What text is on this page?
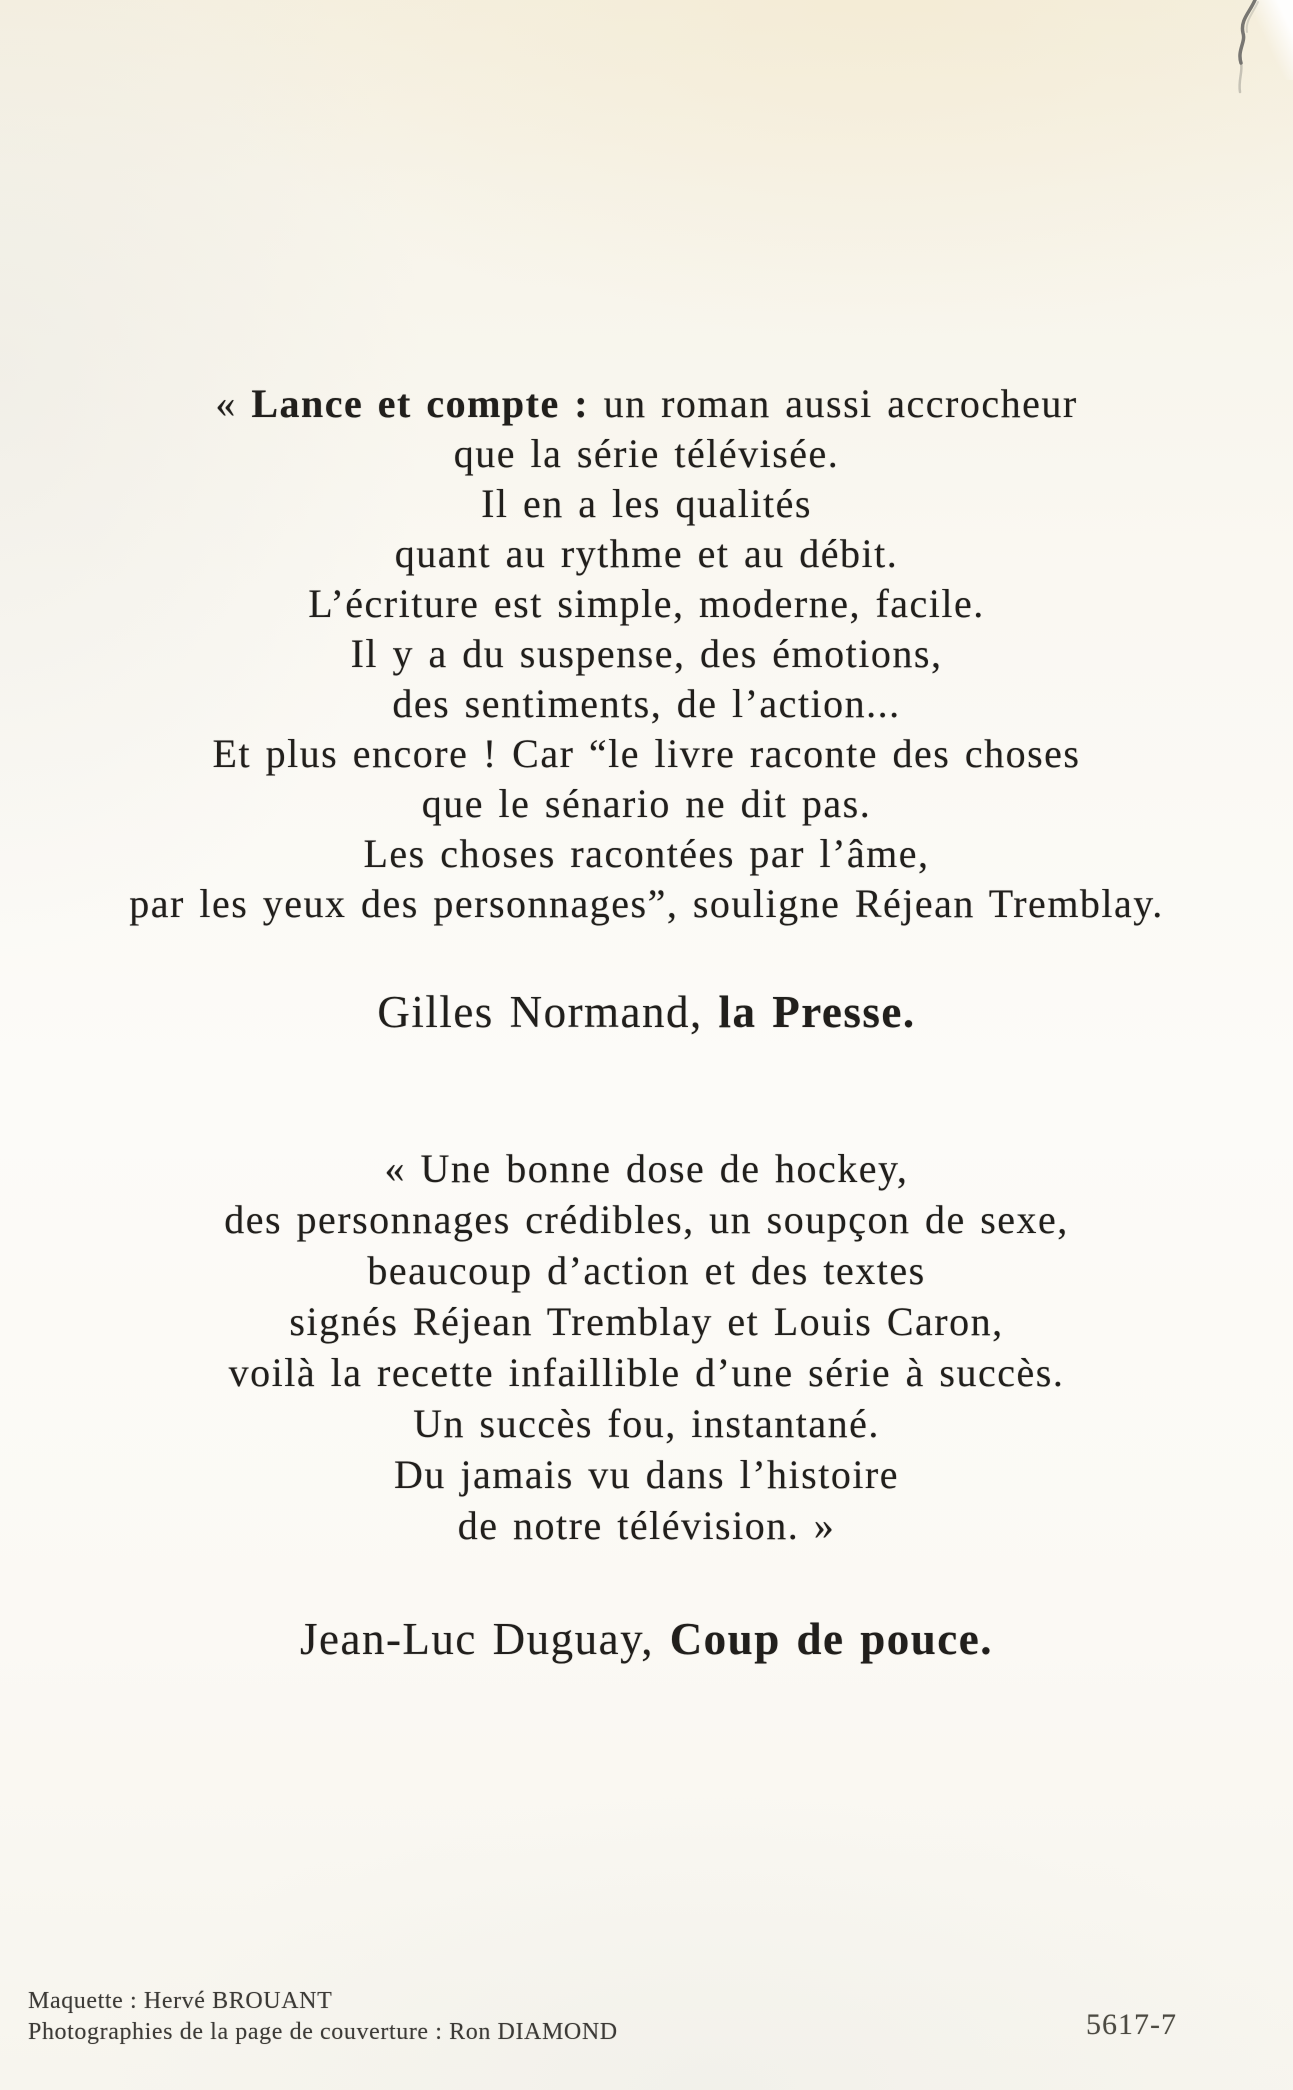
« Lance et compte : un roman aussi accrocheur
que la série télévisée.
Il en a les qualités
quant au rythme et au débit.
L’écriture est simple, moderne, facile.
Il y a du suspense, des émotions,
des sentiments, de l’action...
Et plus encore ! Car “le livre raconte des choses
que le sénario ne dit pas.
Les choses racontées par l’âme,
par les yeux des personnages”, souligne Réjean Tremblay.
Gilles Normand, la Presse.
« Une bonne dose de hockey,
des personnages crédibles, un soupçon de sexe,
beaucoup d’action et des textes
signés Réjean Tremblay et Louis Caron,
voilà la recette infaillible d’une série à succès.
Un succès fou, instantané.
Du jamais vu dans l’histoire
de notre télévision. »
Jean-Luc Duguay, Coup de pouce.
Maquette : Hervé BROUANT
Photographies de la page de couverture : Ron DIAMOND	5617-7
